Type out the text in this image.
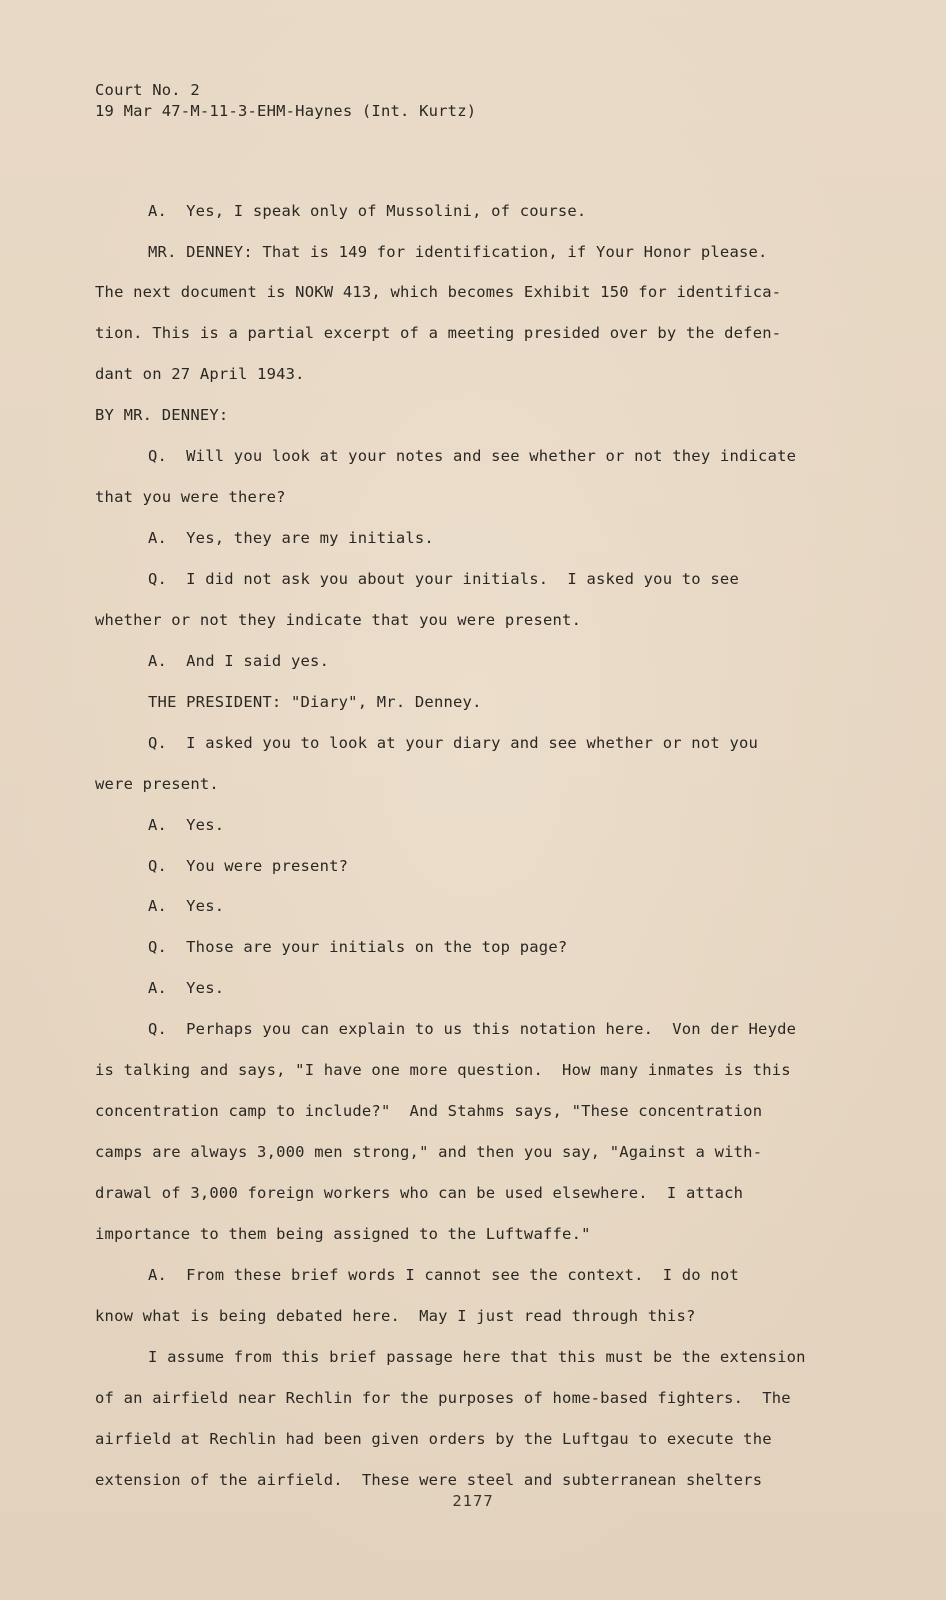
Court No. 2
19 Mar 47-M-11-3-EHM-Haynes (Int. Kurtz)
A.  Yes, I speak only of Mussolini, of course.
MR. DENNEY: That is 149 for identification, if Your Honor please.
The next document is NOKW 413, which becomes Exhibit 150 for identifica-
tion. This is a partial excerpt of a meeting presided over by the defen-
dant on 27 April 1943.
BY MR. DENNEY:
Q.  Will you look at your notes and see whether or not they indicate
that you were there?
A.  Yes, they are my initials.
Q.  I did not ask you about your initials.  I asked you to see
whether or not they indicate that you were present.
A.  And I said yes.
THE PRESIDENT: "Diary", Mr. Denney.
Q.  I asked you to look at your diary and see whether or not you
were present.
A.  Yes.
Q.  You were present?
A.  Yes.
Q.  Those are your initials on the top page?
A.  Yes.
Q.  Perhaps you can explain to us this notation here.  Von der Heyde
is talking and says, "I have one more question.  How many inmates is this
concentration camp to include?"  And Stahms says, "These concentration
camps are always 3,000 men strong," and then you say, "Against a with-
drawal of 3,000 foreign workers who can be used elsewhere.  I attach
importance to them being assigned to the Luftwaffe."
A.  From these brief words I cannot see the context.  I do not
know what is being debated here.  May I just read through this?
I assume from this brief passage here that this must be the extension
of an airfield near Rechlin for the purposes of home-based fighters.  The
airfield at Rechlin had been given orders by the Luftgau to execute the
extension of the airfield.  These were steel and subterranean shelters
2177
